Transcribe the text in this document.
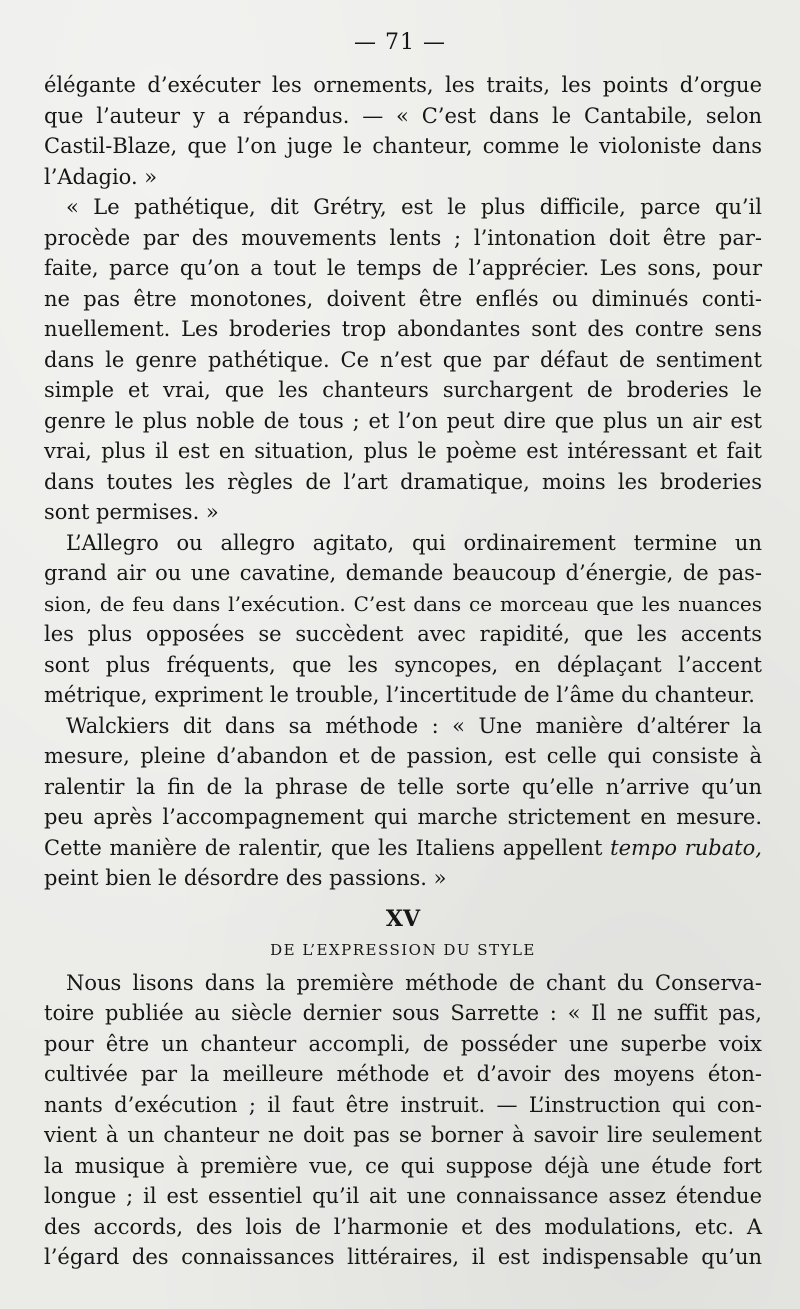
— 71 —
élégante d’exécuter les ornements, les traits, les points d’orgue
que l’auteur y a répandus. — « C’est dans le Cantabile, selon
Castil-Blaze, que l’on juge le chanteur, comme le violoniste dans
l’Adagio. »
« Le pathétique, dit Grétry, est le plus difficile, parce qu’il
procède par des mouvements lents ; l’intonation doit être par-
faite, parce qu’on a tout le temps de l’apprécier. Les sons, pour
ne pas être monotones, doivent être enflés ou diminués conti-
nuellement. Les broderies trop abondantes sont des contre sens
dans le genre pathétique. Ce n’est que par défaut de sentiment
simple et vrai, que les chanteurs surchargent de broderies le
genre le plus noble de tous ; et l’on peut dire que plus un air est
vrai, plus il est en situation, plus le poème est intéressant et fait
dans toutes les règles de l’art dramatique, moins les broderies
sont permises. »
L’Allegro ou allegro agitato, qui ordinairement termine un
grand air ou une cavatine, demande beaucoup d’énergie, de pas-
sion, de feu dans l’exécution. C’est dans ce morceau que les nuances
les plus opposées se succèdent avec rapidité, que les accents
sont plus fréquents, que les syncopes, en déplaçant l’accent
métrique, expriment le trouble, l’incertitude de l’âme du chanteur.
Walckiers dit dans sa méthode : « Une manière d’altérer la
mesure, pleine d’abandon et de passion, est celle qui consiste à
ralentir la fin de la phrase de telle sorte qu’elle n’arrive qu’un
peu après l’accompagnement qui marche strictement en mesure.
Cette manière de ralentir, que les Italiens appellent tempo rubato,
peint bien le désordre des passions. »
XV
DE L’EXPRESSION DU STYLE
Nous lisons dans la première méthode de chant du Conserva-
toire publiée au siècle dernier sous Sarrette : « Il ne suffit pas,
pour être un chanteur accompli, de posséder une superbe voix
cultivée par la meilleure méthode et d’avoir des moyens éton-
nants d’exécution ; il faut être instruit. — L’instruction qui con-
vient à un chanteur ne doit pas se borner à savoir lire seulement
la musique à première vue, ce qui suppose déjà une étude fort
longue ; il est essentiel qu’il ait une connaissance assez étendue
des accords, des lois de l’harmonie et des modulations, etc. A
l’égard des connaissances littéraires, il est indispensable qu’un
